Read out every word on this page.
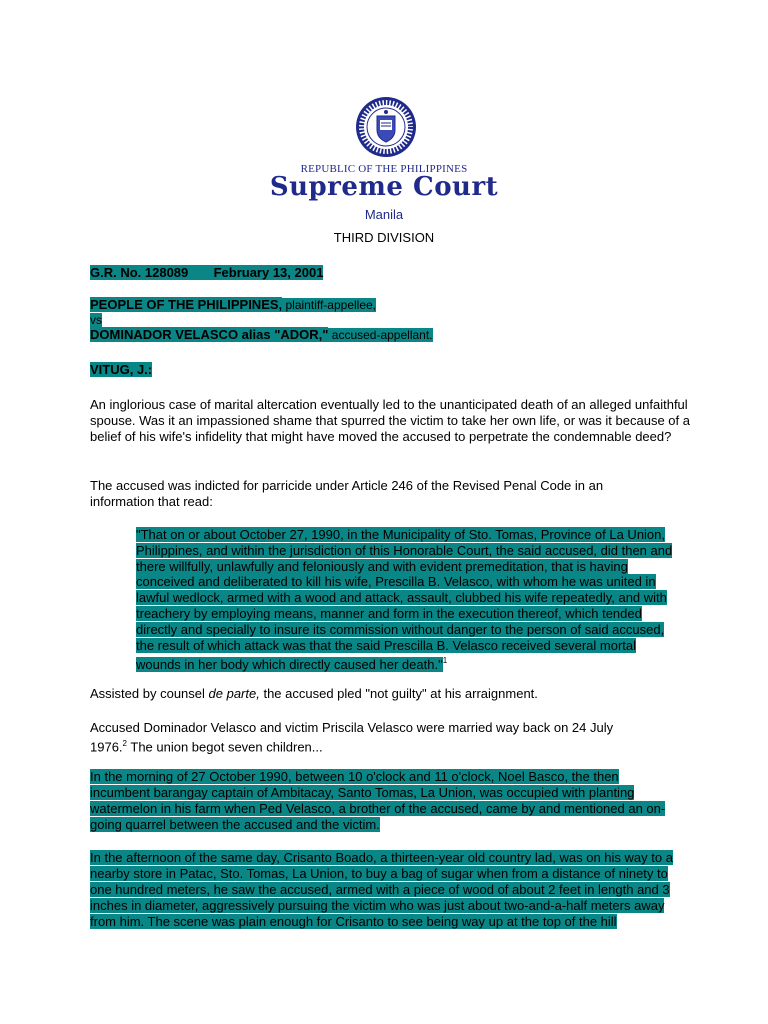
REPUBLIC OF THE PHILIPPINES
Supreme Court
Manila
THIRD DIVISION
G.R. No. 128089 February 13, 2001
PEOPLE OF THE PHILIPPINES, plaintiff-appellee,
vs
DOMINADOR VELASCO alias "ADOR," accused-appellant.
VITUG, J.:
An inglorious case of marital altercation eventually led to the unanticipated death of an alleged unfaithful spouse. Was it an impassioned shame that spurred the victim to take her own life, or was it because of a belief of his wife's infidelity that might have moved the accused to perpetrate the condemnable deed?
The accused was indicted for parricide under Article 246 of the Revised Penal Code in an information that read:
"That on or about October 27, 1990, in the Municipality of Sto. Tomas, Province of La Union, Philippines, and within the jurisdiction of this Honorable Court, the said accused, did then and there willfully, unlawfully and feloniously and with evident premeditation, that is having conceived and deliberated to kill his wife, Prescilla B. Velasco, with whom he was united in lawful wedlock, armed with a wood and attack, assault, clubbed his wife repeatedly, and with treachery by employing means, manner and form in the execution thereof, which tended directly and specially to insure its commission without danger to the person of said accused, the result of which attack was that the said Prescilla B. Velasco received several mortal wounds in her body which directly caused her death."$^1$
Assisted by counsel de parte, the accused pled "not guilty" at his arraignment.
Accused Dominador Velasco and victim Priscila Velasco were married way back on 24 July 1976.$^2$ The union begot seven children...
In the morning of 27 October 1990, between 10 o'clock and 11 o'clock, Noel Basco, the then incumbent barangay captain of Ambitacay, Santo Tomas, La Union, was occupied with planting watermelon in his farm when Ped Velasco, a brother of the accused, came by and mentioned an on-going quarrel between the accused and the victim.
In the afternoon of the same day, Crisanto Boado, a thirteen-year old country lad, was on his way to a nearby store in Patac, Sto. Tomas, La Union, to buy a bag of sugar when from a distance of ninety to one hundred meters, he saw the accused, armed with a piece of wood of about 2 feet in length and 3 inches in diameter, aggressively pursuing the victim who was just about two-and-a-half meters away from him. The scene was plain enough for Crisanto to see being way up at the top of the hill
